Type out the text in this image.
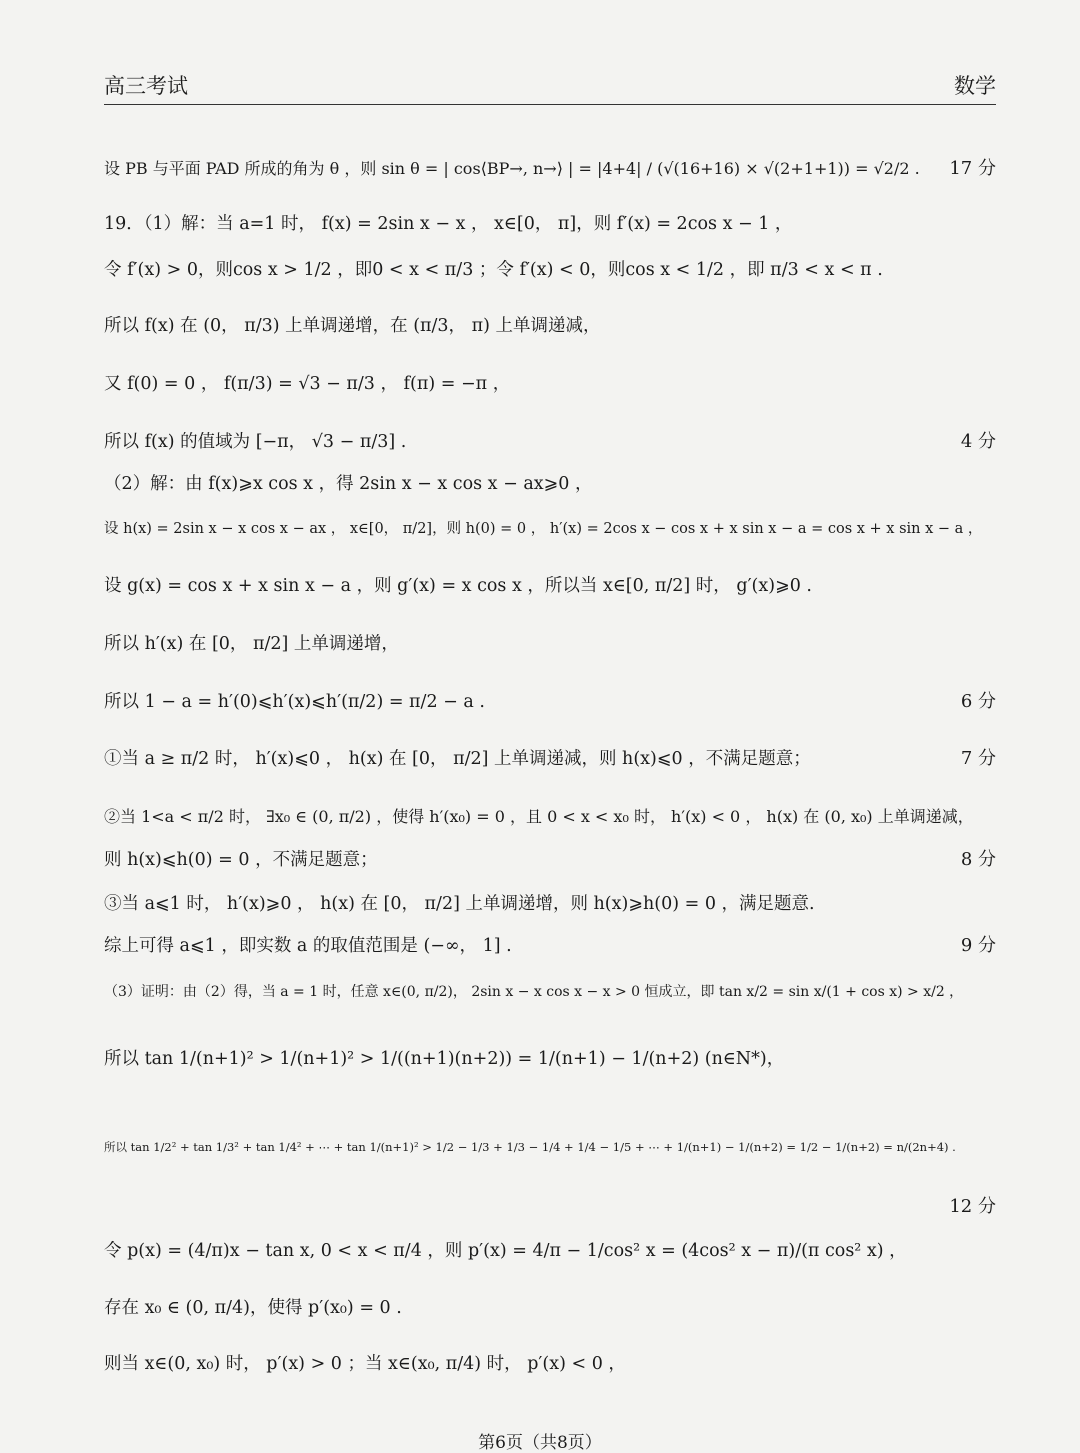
高三考试	数学
设 PB 与平面 PAD 所成的角为 θ ，则 sin θ = | cos⟨BP→, n→⟩ | = |4+4| / (√(16+16) × √(2+1+1)) = √2/2 . 17 分
19．（1）解：当 a=1 时， f(x) = 2sin x − x ， x∈[0， π]，则 f′(x) = 2cos x − 1 ，
令 f′(x) > 0，则cos x > 1/2 ，即0 < x < π/3 ；令 f′(x) < 0，则cos x < 1/2 ，即 π/3 < x < π .
所以 f(x) 在 (0， π/3) 上单调递增，在 (π/3， π) 上单调递减，
又 f(0) = 0 ， f(π/3) = √3 − π/3 ， f(π) = −π ，
所以 f(x) 的值域为 [−π， √3 − π/3] .	4 分
（2）解：由 f(x)⩾x cos x ，得 2sin x − x cos x − ax⩾0 ，
设 h(x) = 2sin x − x cos x − ax ， x∈[0， π/2]，则 h(0) = 0 ， h′(x) = 2cos x − cos x + x sin x − a = cos x + x sin x − a ，
设 g(x) = cos x + x sin x − a ，则 g′(x) = x cos x ，所以当 x∈[0, π/2] 时， g′(x)⩾0 .
所以 h′(x) 在 [0， π/2] 上单调递增，
所以 1 − a = h′(0)⩽h′(x)⩽h′(π/2) = π/2 − a .	6 分
①当 a ≥ π/2 时， h′(x)⩽0 ， h(x) 在 [0， π/2] 上单调递减，则 h(x)⩽0 ，不满足题意；	7 分
②当 1<a < π/2 时， ∃x₀ ∈ (0, π/2) ，使得 h′(x₀) = 0 ，且 0 < x < x₀ 时， h′(x) < 0 ， h(x) 在 (0, x₀) 上单调递减，
则 h(x)⩽h(0) = 0 ，不满足题意；	8 分
③当 a⩽1 时， h′(x)⩾0 ， h(x) 在 [0， π/2] 上单调递增，则 h(x)⩾h(0) = 0 ，满足题意.
综上可得 a⩽1 ，即实数 a 的取值范围是 (−∞， 1] .	9 分
（3）证明：由（2）得，当 a = 1 时，任意 x∈(0, π/2)， 2sin x − x cos x − x > 0 恒成立，即 tan x/2 = sin x/(1 + cos x) > x/2 ，
所以 tan 1/(n+1)² > 1/(n+1)² > 1/((n+1)(n+2)) = 1/(n+1) − 1/(n+2) (n∈N*)，
所以 tan 1/2² + tan 1/3² + tan 1/4² + ⋯ + tan 1/(n+1)² > 1/2 − 1/3 + 1/3 − 1/4 + 1/4 − 1/5 + ⋯ + 1/(n+1) − 1/(n+2) = 1/2 − 1/(n+2) = n/(2n+4) .
12 分
令 p(x) = (4/π)x − tan x, 0 < x < π/4 ，则 p′(x) = 4/π − 1/cos² x = (4cos² x − π)/(π cos² x) ，
存在 x₀ ∈ (0, π/4)，使得 p′(x₀) = 0 .
则当 x∈(0, x₀) 时， p′(x) > 0 ；当 x∈(x₀, π/4) 时， p′(x) < 0 ，
第6页（共8页）
